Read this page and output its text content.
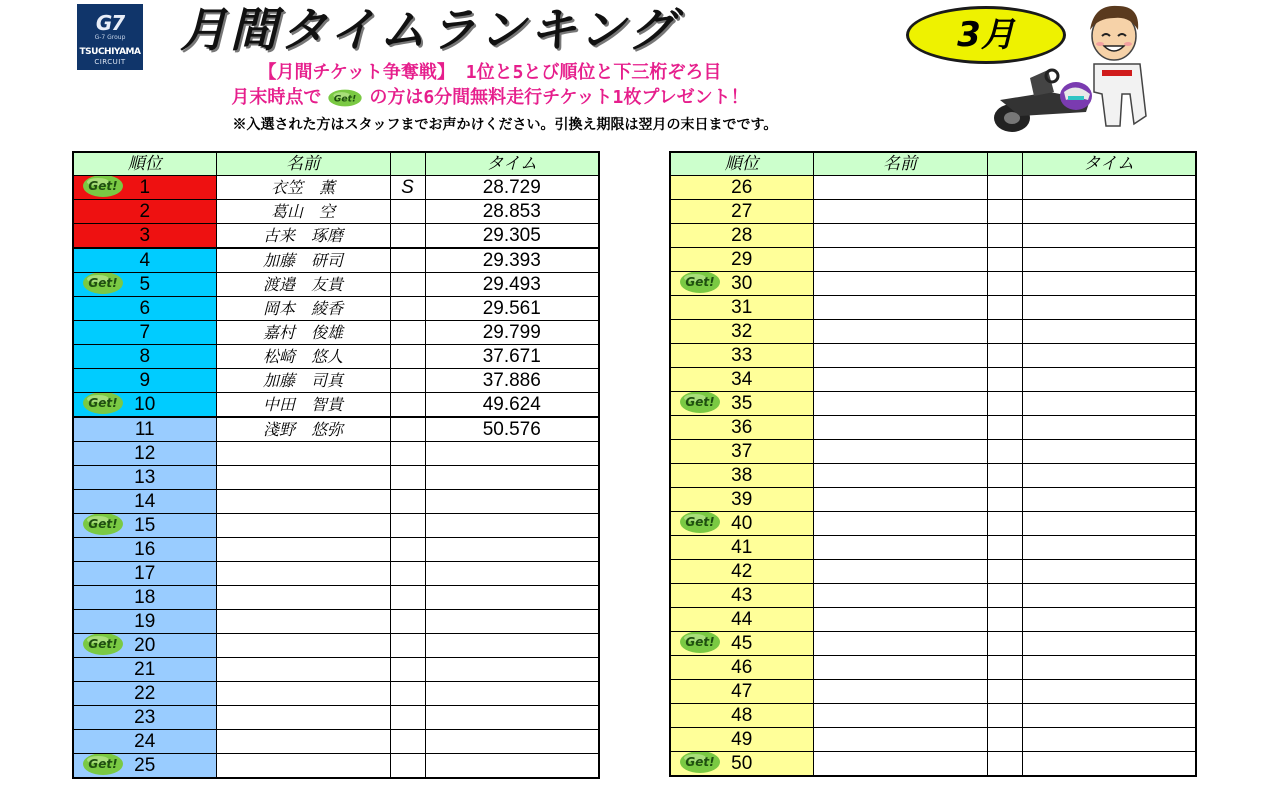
G7
G-7 Group
TSUCHIYAMA
CIRCUIT
月間タイムランキング	3月
【月間チケット争奪戦】 1位と5とび順位と下三桁ぞろ目
月末時点で Get! の方は6分間無料走行チケット1枚プレゼント！
※入選された方はスタッフまでお声かけください。引換え期限は翌月の末日までです。
順位	名前		タイム

Get! 1	衣笠　薫	S	28.729
2	葛山　空		28.853
3	古来　琢磨		29.305
4	加藤　研司		29.393

Get! 5	渡邉　友貴		29.493
6	岡本　綾香		29.561
7	嘉村　俊雄		29.799
8	松崎　悠人		37.671
9	加藤　司真		37.886

Get! 10	中田　智貴		49.624
11	淺野　悠弥		50.576
12			
13			
14			

Get! 15			
16			
17			
18			
19			

Get! 20			
21			
22			
23			
24			

Get! 25			
順位	名前		タイム
26			
27			
28			
29			

Get! 30			
31			
32			
33			
34			

Get! 35			
36			
37			
38			
39			

Get! 40			
41			
42			
43			
44			

Get! 45			
46			
47			
48			
49			

Get! 50			
